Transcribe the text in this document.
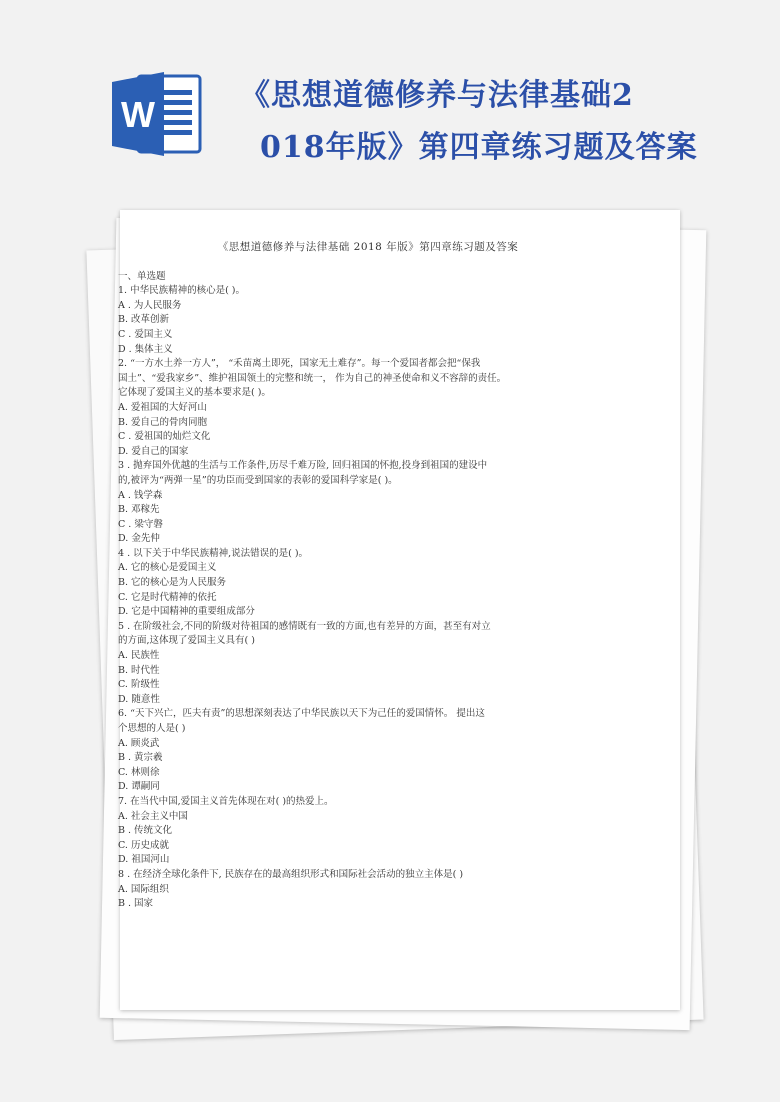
W	《思想道德修养与法律基础2
018年版》第四章练习题及答案
《思想道德修养与法律基础 2018 年版》第四章练习题及答案
一、单选题
1. 中华民族精神的核心是( )。
A . 为人民服务
B. 改革创新
C . 爱国主义
D . 集体主义
2. “一方水土养一方人”， “禾苗离土即死，国家无土难存”。每一个爱国者都会把“保我
国土”、“爱我家乡”、维护祖国领土的完整和统一， 作为自己的神圣使命和义不容辞的责任。
它体现了爱国主义的基本要求是( )。
A. 爱祖国的大好河山
B. 爱自己的骨肉同胞
C . 爱祖国的灿烂文化
D. 爱自己的国家
3 . 抛弃国外优越的生活与工作条件,历尽千难万险, 回归祖国的怀抱,投身到祖国的建设中
的,被评为“两弹一星”的功臣而受到国家的表彰的爱国科学家是( )。
A . 钱学森
B. 邓稼先
C . 梁守磐
D. 金先仲
4 . 以下关于中华民族精神,说法错误的是( )。
A. 它的核心是爱国主义
B. 它的核心是为人民服务
C. 它是时代精神的依托
D. 它是中国精神的重要组成部分
5 . 在阶级社会,不同的阶级对待祖国的感情既有一致的方面,也有差异的方面，甚至有对立
的方面,这体现了爱国主义具有( )
A. 民族性
B. 时代性
C. 阶级性
D. 随意性
6. “天下兴亡，匹夫有责”的思想深刻表达了中华民族以天下为己任的爱国情怀。 提出这
个思想的人是( )
A. 顾炎武
B . 黄宗羲
C. 林则徐
D. 谭嗣同
7. 在当代中国,爱国主义首先体现在对( )的热爱上。
A. 社会主义中国
B . 传统文化
C. 历史成就
D. 祖国河山
8 . 在经济全球化条件下, 民族存在的最高组织形式和国际社会活动的独立主体是( )
A. 国际组织
B . 国家
